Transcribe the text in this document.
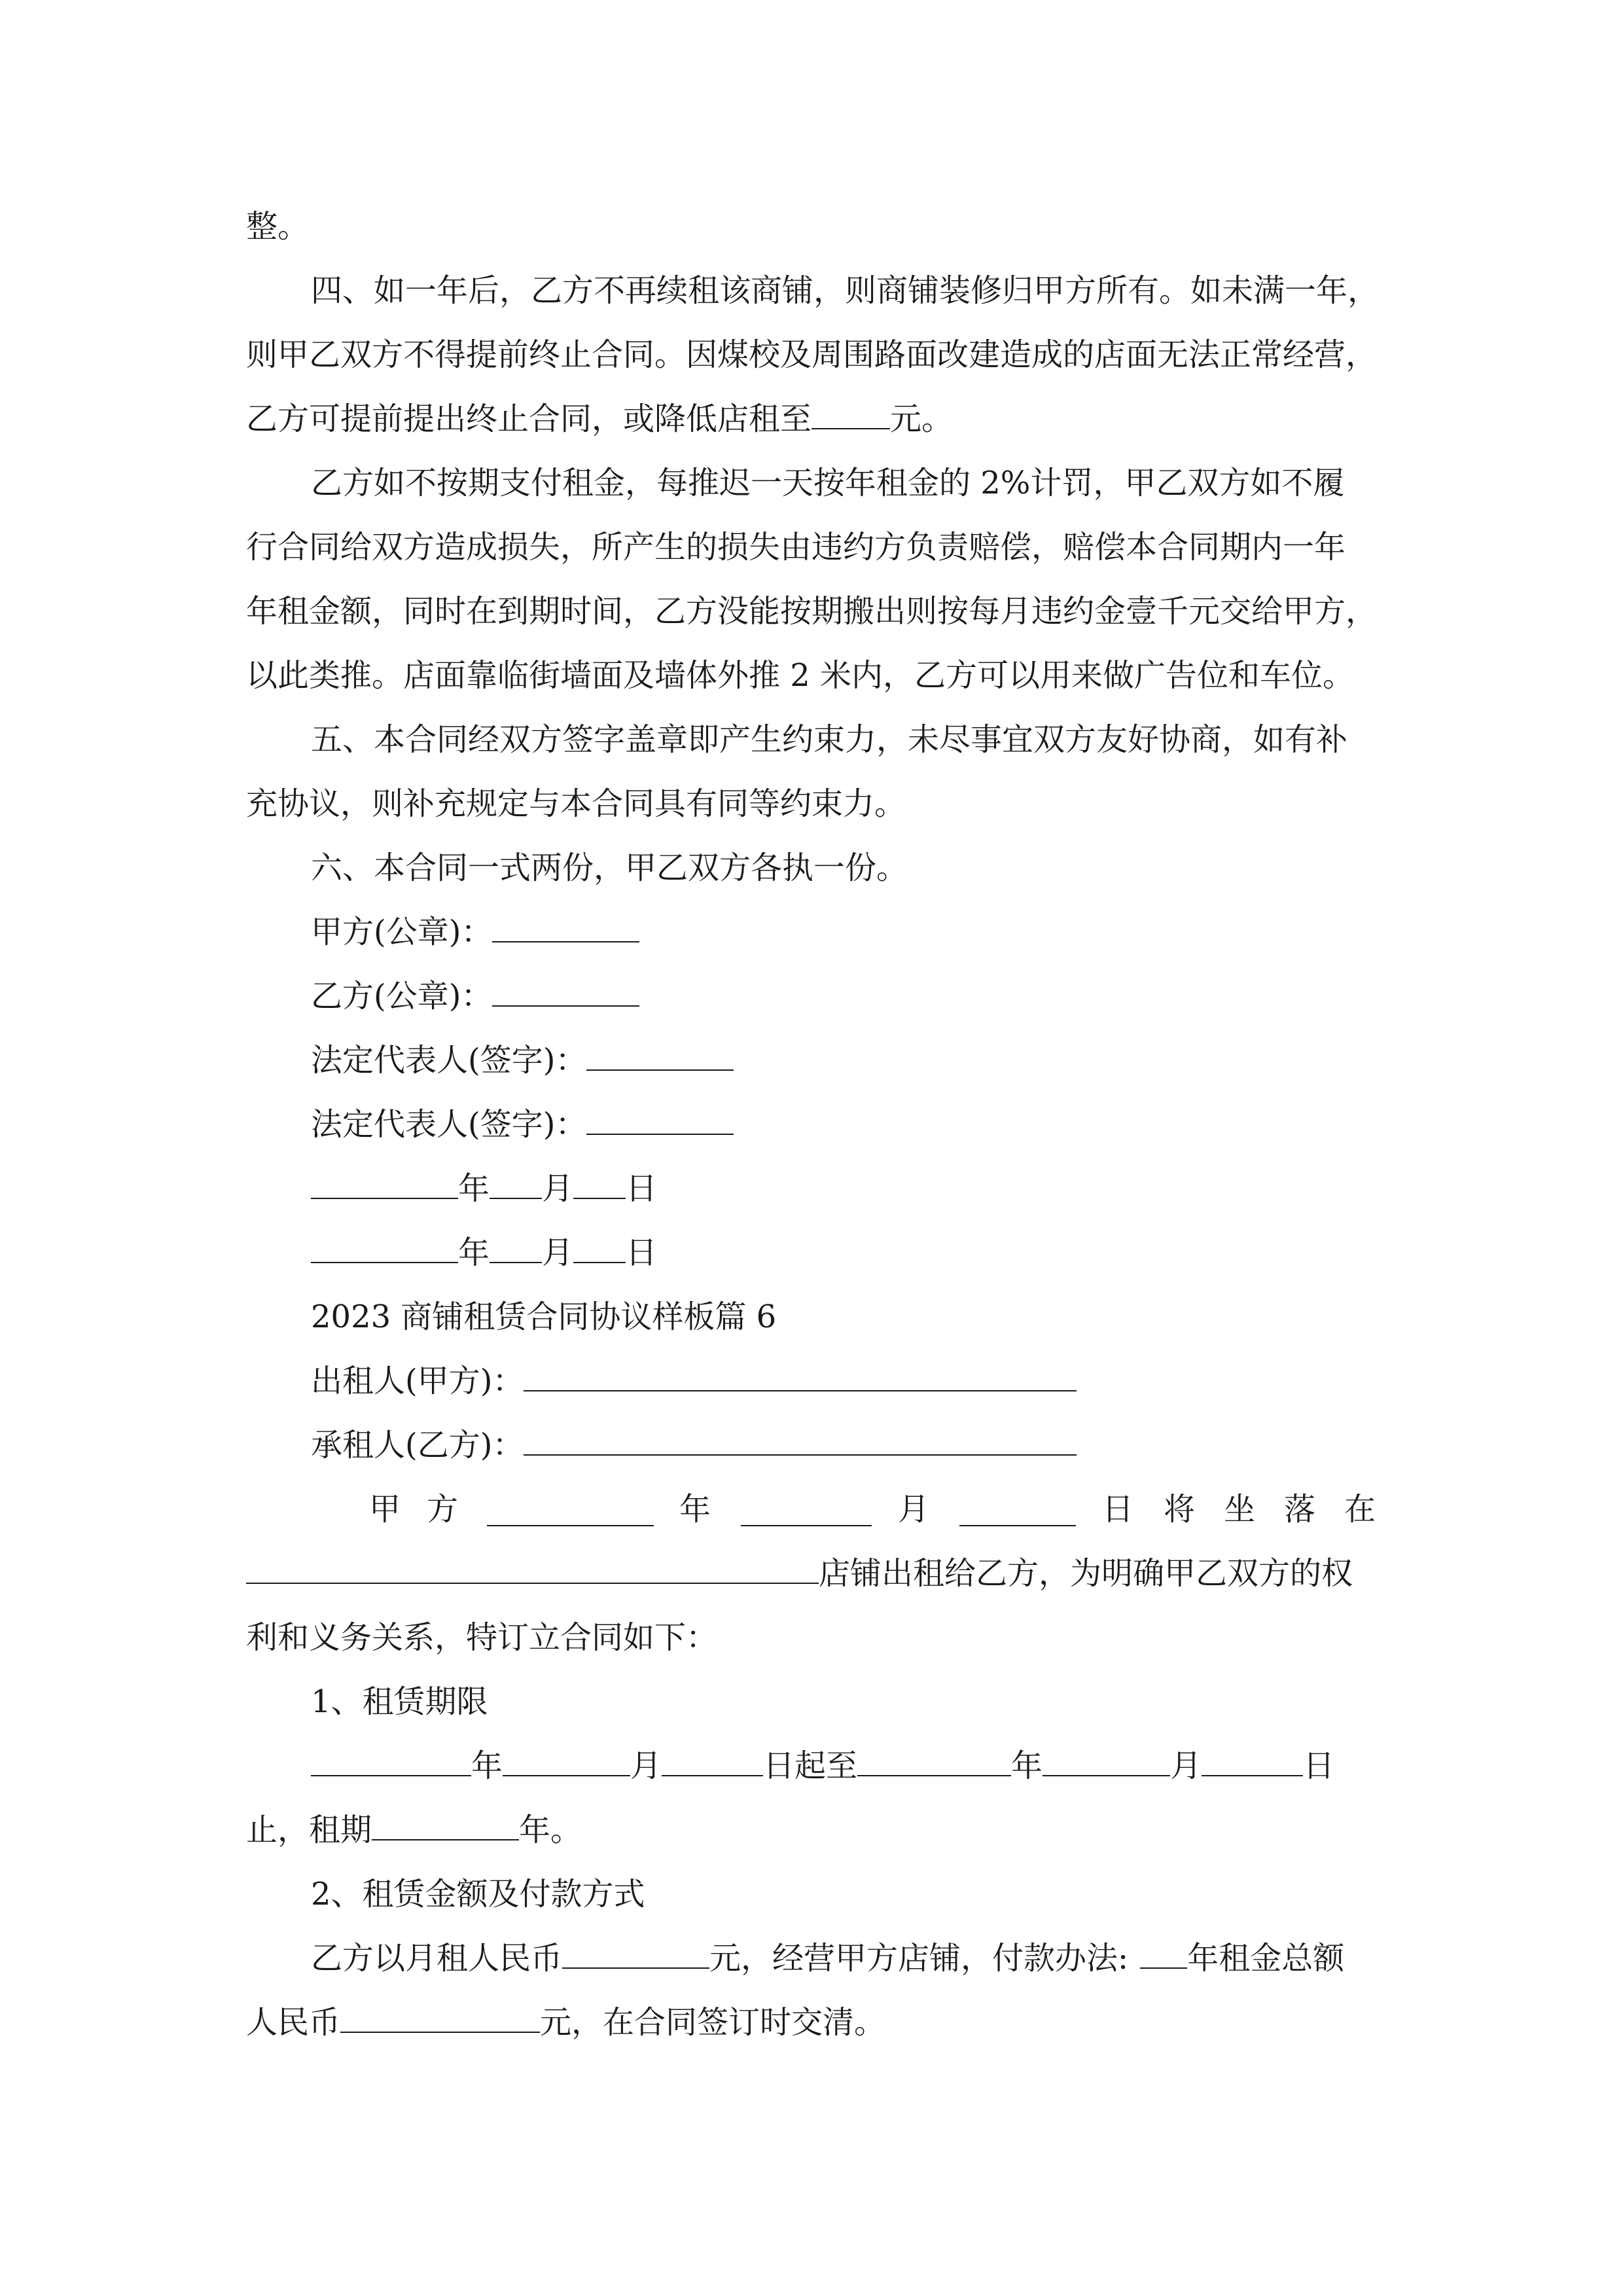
整。
四、如一年后，乙方不再续租该商铺，则商铺装修归甲方所有。如未满一年，
则甲乙双方不得提前终止合同。因煤校及周围路面改建造成的店面无法正常经营，
乙方可提前提出终止合同，或降低店租至	元。
乙方如不按期支付租金，每推迟一天按年租金的 2%计罚，甲乙双方如不履
行合同给双方造成损失，所产生的损失由违约方负责赔偿，赔偿本合同期内一年
年租金额，同时在到期时间，乙方没能按期搬出则按每月违约金壹千元交给甲方，
以此类推。店面靠临街墙面及墙体外推 2 米内，乙方可以用来做广告位和车位。
五、本合同经双方签字盖章即产生约束力，未尽事宜双方友好协商，如有补
充协议，则补充规定与本合同具有同等约束力。
六、本合同一式两份，甲乙双方各执一份。
甲方(公章)：
乙方(公章)：
法定代表人(签字)：
法定代表人(签字)：
年 月 日
年 月 日
2023 商铺租赁合同协议样板篇 6
出租人(甲方)：
承租人(乙方)：
甲 方	年	月	日 将 坐 落 在
店铺出租给乙方，为明确甲乙双方的权
利和义务关系，特订立合同如下：
1、租赁期限
年	月	日起至	年	月	日
止，租期	年。
2、租赁金额及付款方式
乙方以月租人民币	元，经营甲方店铺，付款办法: 年租金总额
人民币	元，在合同签订时交清。
